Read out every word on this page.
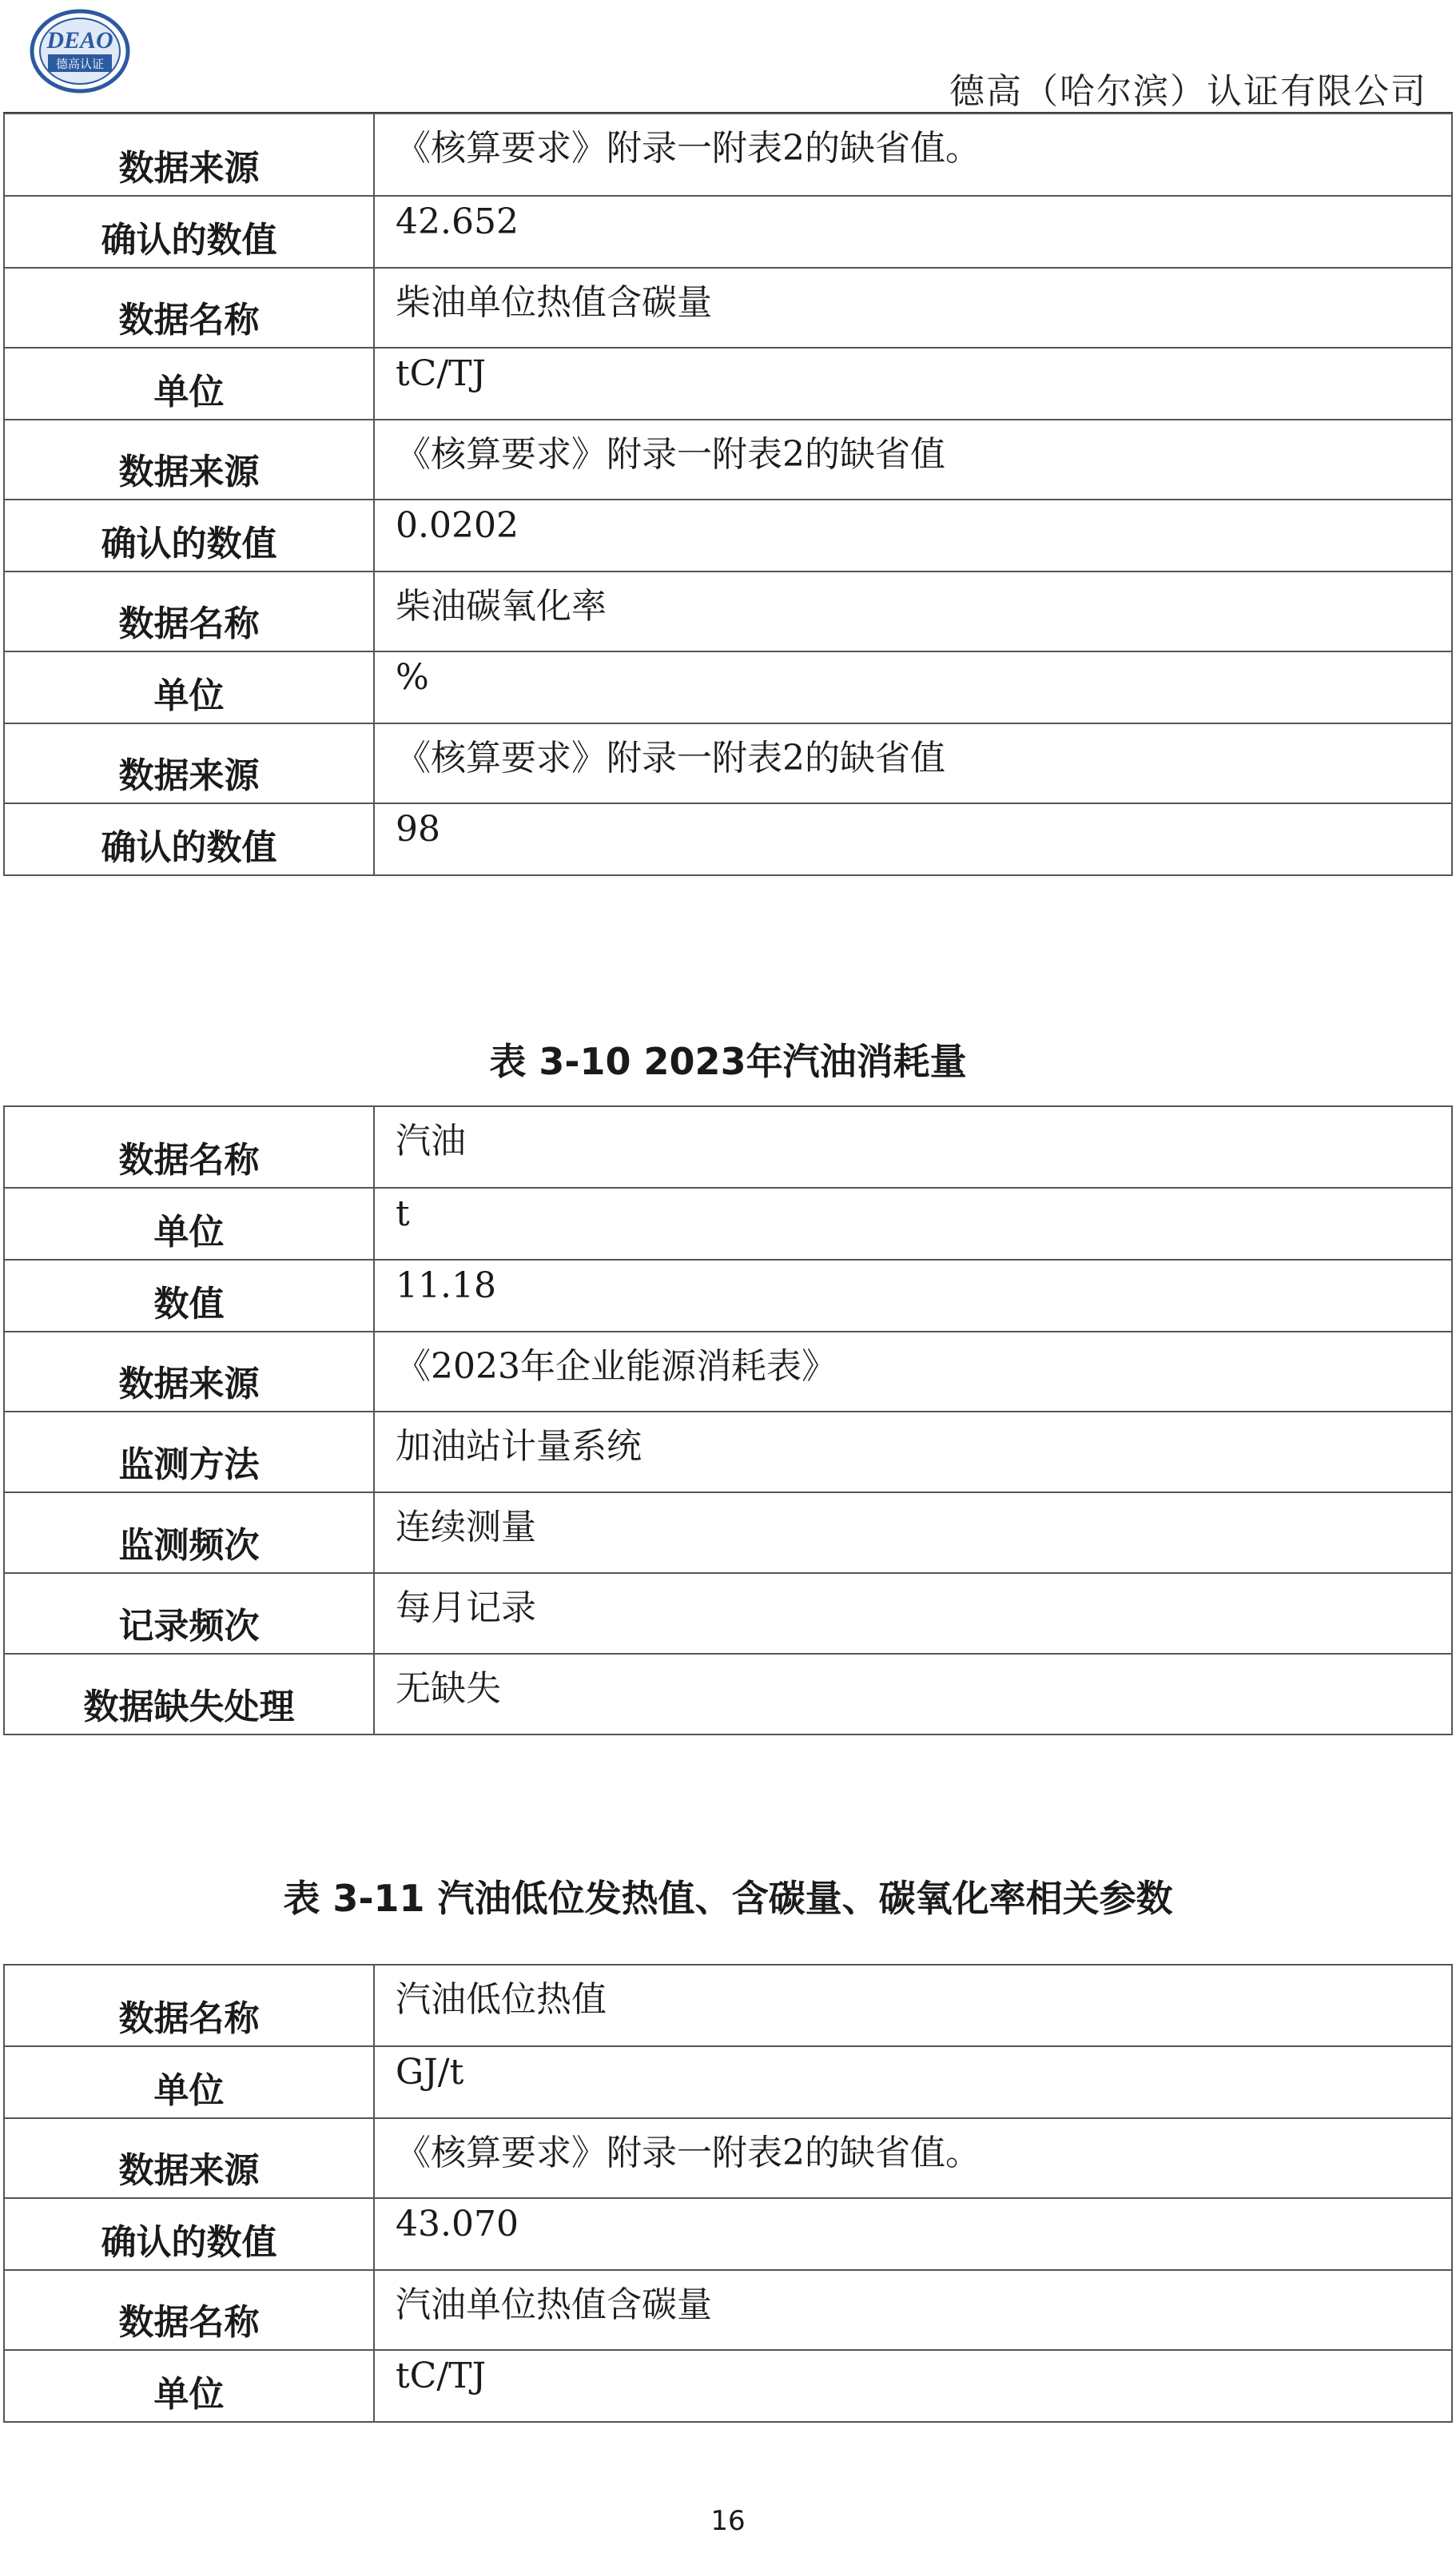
DEAO
德高认证
德高（哈尔滨）认证有限公司
数据来源	《核算要求》附录一附表2的缺省值。
确认的数值	42.652
数据名称	柴油单位热值含碳量
单位	tC/TJ
数据来源	《核算要求》附录一附表2的缺省值
确认的数值	0.0202
数据名称	柴油碳氧化率
单位	%
数据来源	《核算要求》附录一附表2的缺省值
确认的数值	98
表 3-10 2023年汽油消耗量
数据名称	汽油
单位	t
数值	11.18
数据来源	《2023年企业能源消耗表》
监测方法	加油站计量系统
监测频次	连续测量
记录频次	每月记录
数据缺失处理	无缺失
表 3-11 汽油低位发热值、含碳量、碳氧化率相关参数
数据名称	汽油低位热值
单位	GJ/t
数据来源	《核算要求》附录一附表2的缺省值。
确认的数值	43.070
数据名称	汽油单位热值含碳量
单位	tC/TJ
16
